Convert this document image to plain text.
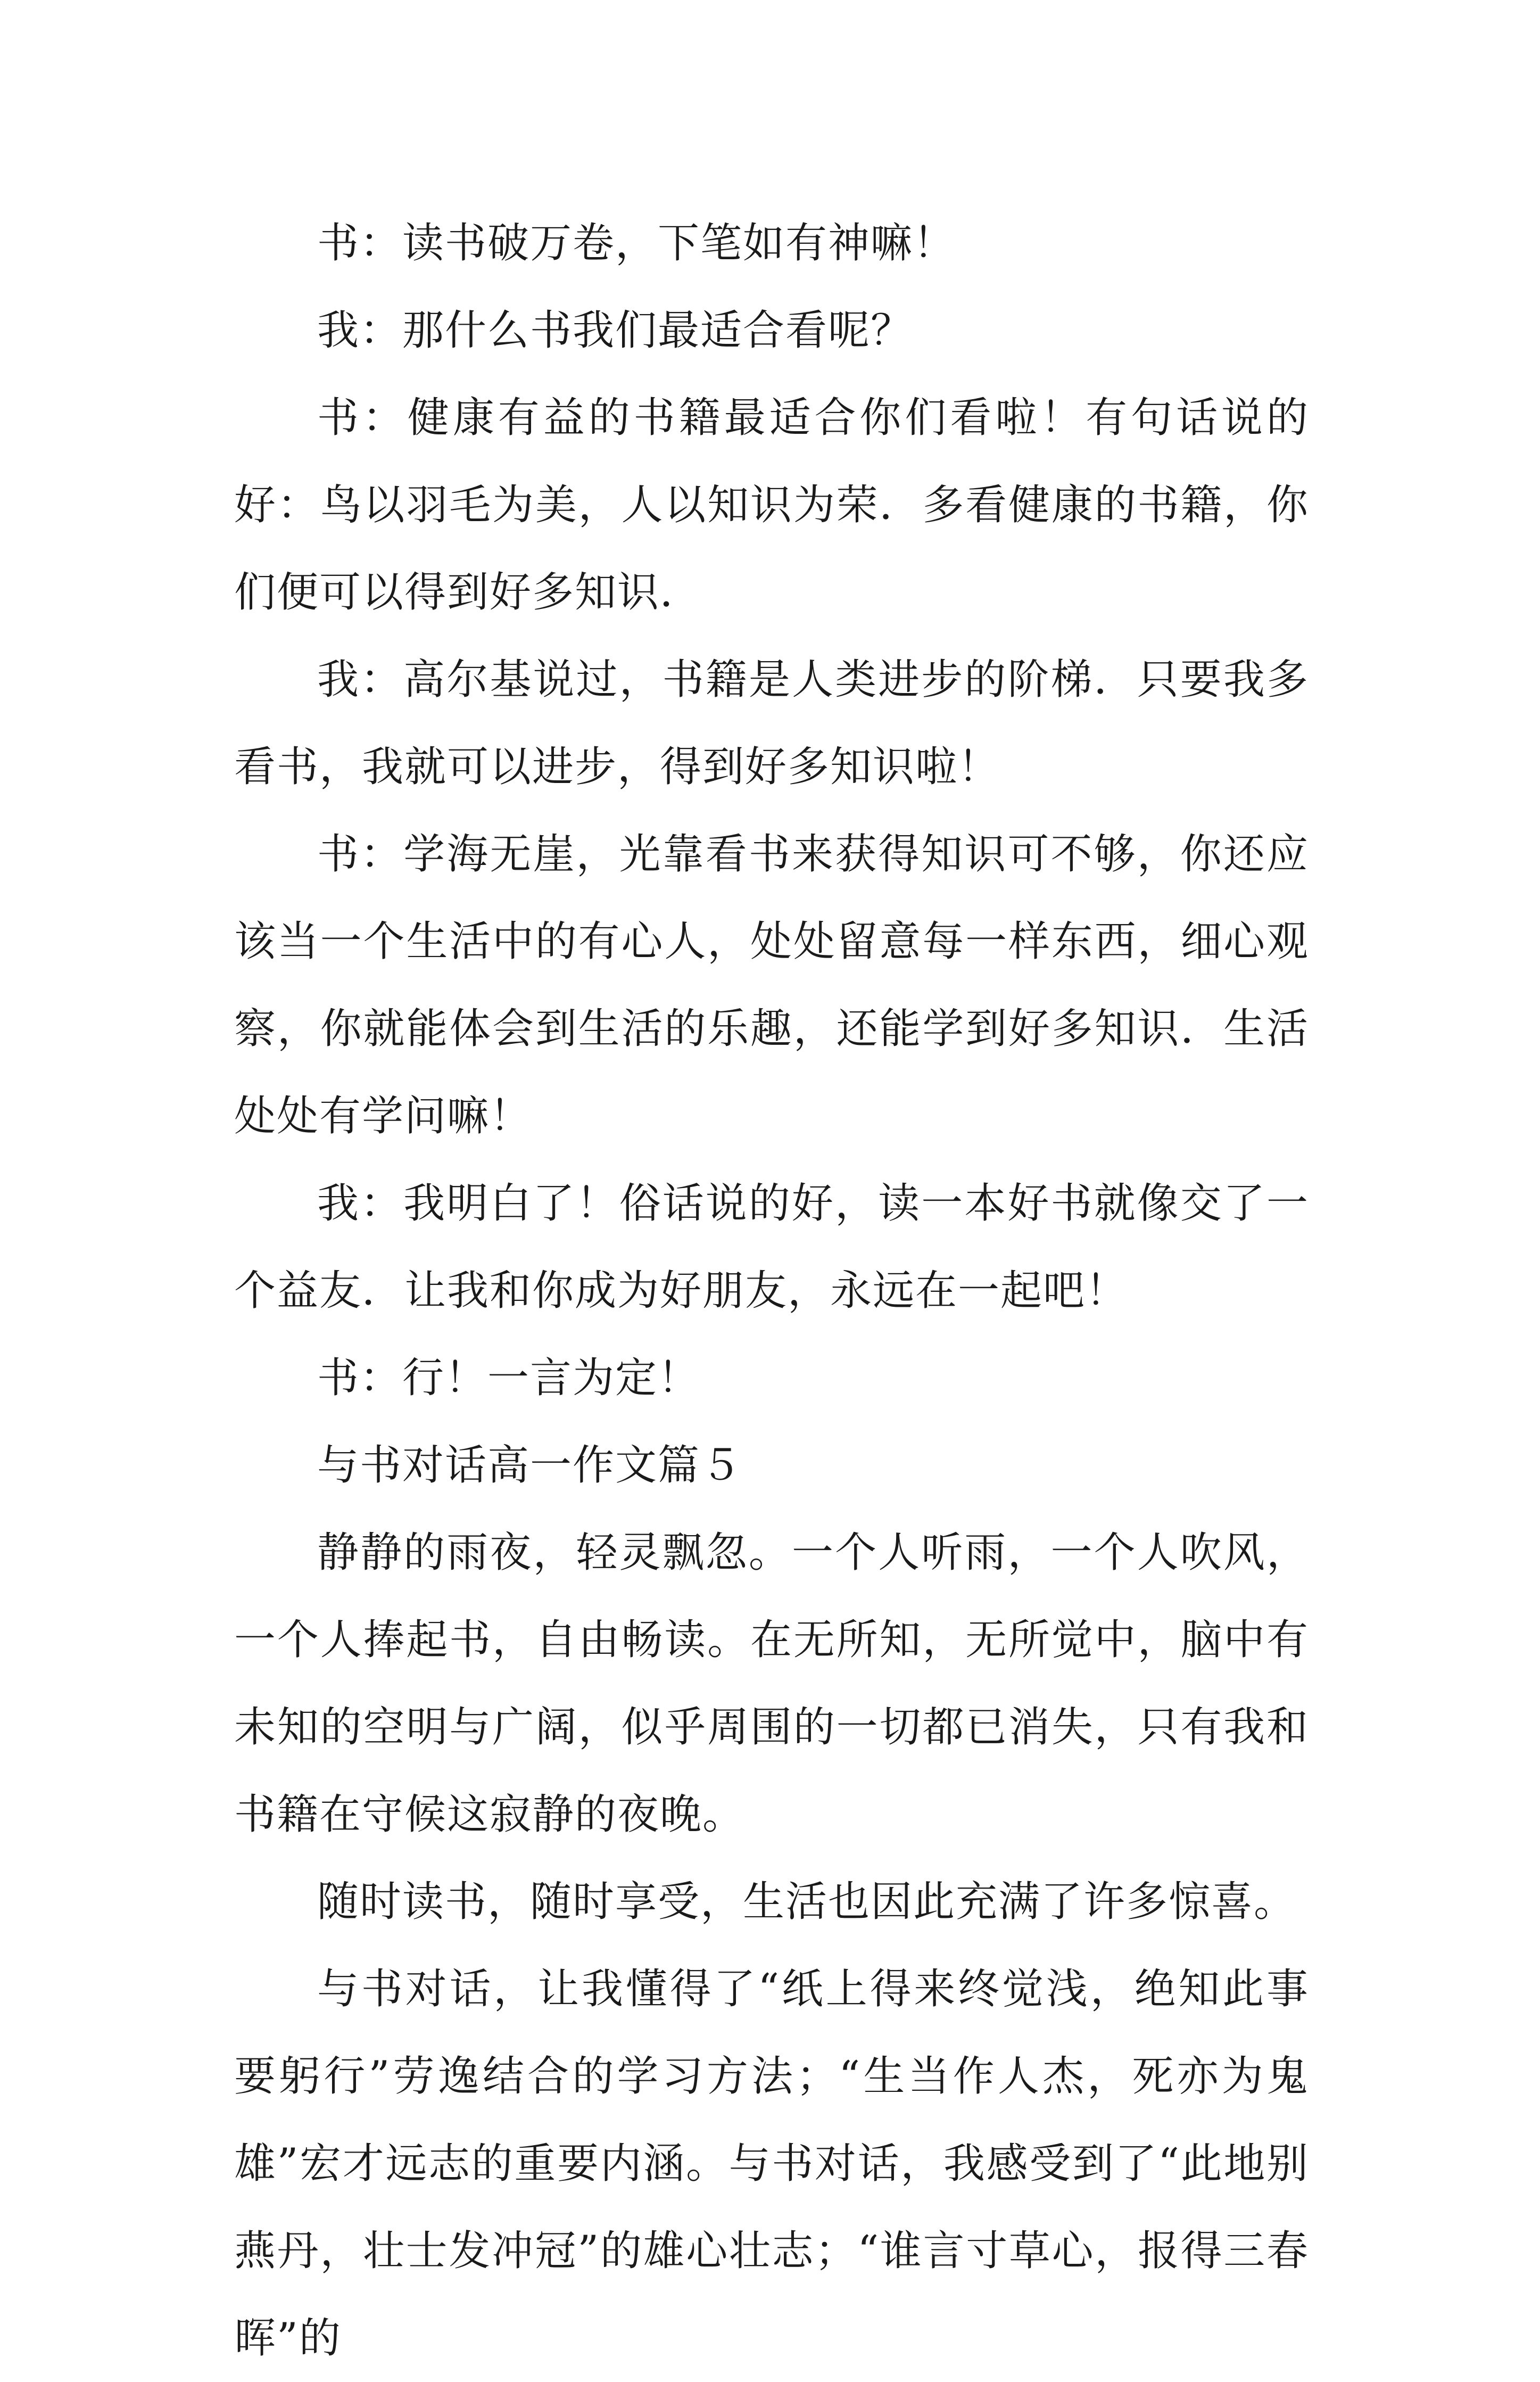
书：读书破万卷，下笔如有神嘛！

我：那什么书我们最适合看呢？

书：健康有益的书籍最适合你们看啦！有句话说的好：鸟以羽毛为美，人以知识为荣．多看健康的书籍，你们便可以得到好多知识．

我：高尔基说过，书籍是人类进步的阶梯．只要我多看书，我就可以进步，得到好多知识啦！

书：学海无崖，光靠看书来获得知识可不够，你还应该当一个生活中的有心人，处处留意每一样东西，细心观察，你就能体会到生活的乐趣，还能学到好多知识．生活处处有学问嘛！

我：我明白了！俗话说的好，读一本好书就像交了一个益友．让我和你成为好朋友，永远在一起吧！

书：行！一言为定！

与书对话高一作文篇５

静静的雨夜，轻灵飘忽。一个人听雨，一个人吹风，一个人捧起书，自由畅读。在无所知，无所觉中，脑中有未知的空明与广阔，似乎周围的一切都已消失，只有我和书籍在守候这寂静的夜晚。

随时读书，随时享受，生活也因此充满了许多惊喜。

与书对话，让我懂得了“纸上得来终觉浅，绝知此事要躬行”劳逸结合的学习方法；“生当作人杰，死亦为鬼雄”宏才远志的重要内涵。与书对话，我感受到了“此地别燕丹，壮士发冲冠”的雄心壮志；“谁言寸草心，报得三春晖”的
